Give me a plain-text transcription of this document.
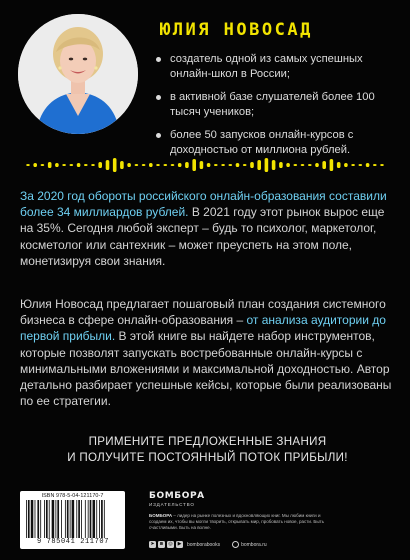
ЮЛИЯ НОВОСАД
создатель одной из самых успешных онлайн-школ в России;
в активной базе слушателей более 100 тысяч учеников;
более 50 запусков онлайн-курсов с доходностью от миллиона рублей.

За 2020 год обороты российского онлайн-образования составили более 34 миллиардов рублей. В 2021 году этот рынок вырос еще на 35%. Сегодня любой эксперт – будь то психолог, маркетолог, косметолог или сантехник – может преуспеть на этом поле, монетизируя свои знания.

Юлия Новосад предлагает пошаговый план создания системного бизнеса в сфере онлайн-образования – от анализа аудитории до первой прибыли. В этой книге вы найдете набор инструментов, которые позволят запускать востребованные онлайн-курсы с минимальными вложениями и максимальной доходностью. Автор детально разбирает успешные кейсы, которые были реализованы по ее стратегии.

ПРИМЕНИТЕ ПРЕДЛОЖЕННЫЕ ЗНАНИЯ
И ПОЛУЧИТЕ ПОСТОЯННЫЙ ПОТОК ПРИБЫЛИ!
ISBN 978-5-04-121170-7
9 785041 211707
БОМБОРА
ИЗДАТЕЛЬСТВО
БОМБОРА – лидер на рынке полезных и вдохновляющих книг. Мы любим книги и создаем их, чтобы вы могли творить, открывать мир, пробовать новое, расти. Быть счастливыми. Быть на волне.
➤	в	◎ ▶	bomborabooks	bombora.ru
